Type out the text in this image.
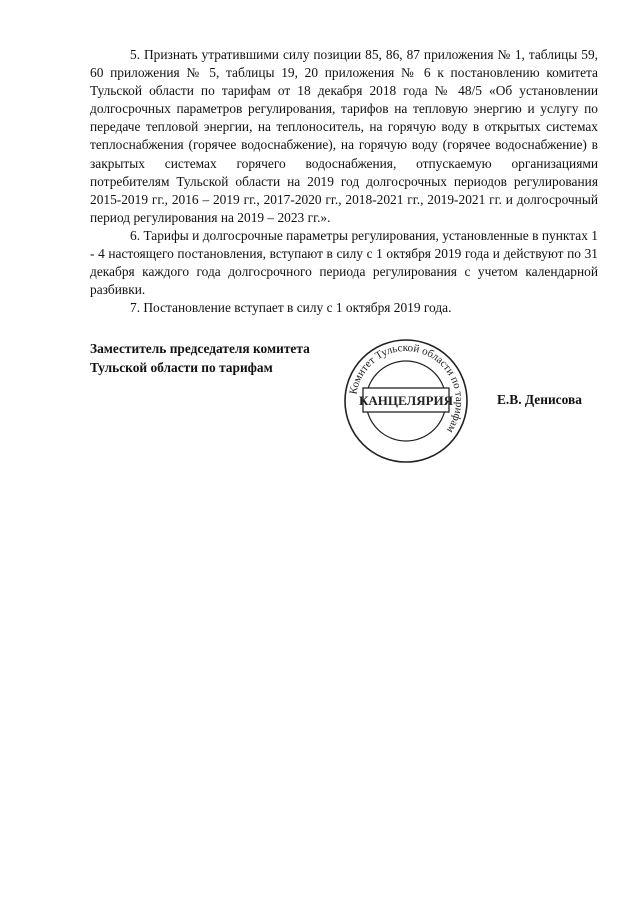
5. Признать утратившими силу позиции 85, 86, 87 приложения № 1, таблицы 59, 60 приложения № 5, таблицы 19, 20 приложения № 6 к постановлению комитета Тульской области по тарифам от 18 декабря 2018 года № 48/5 «Об установлении долгосрочных параметров регулирования, тарифов на тепловую энергию и услугу по передаче тепловой энергии, на теплоноситель, на горячую воду в открытых системах теплоснабжения (горячее водоснабжение), на горячую воду (горячее водоснабжение) в закрытых системах горячего водоснабжения, отпускаемую организациями потребителям Тульской области на 2019 год долгосрочных периодов регулирования 2015-2019 гг., 2016 – 2019 гг., 2017-2020 гг., 2018-2021 гг., 2019-2021 гг. и долгосрочный период регулирования на 2019 – 2023 гг.».

6. Тарифы и долгосрочные параметры регулирования, установленные в пунктах 1 - 4 настоящего постановления, вступают в силу с 1 октября 2019 года и действуют по 31 декабря каждого года долгосрочного периода регулирования с учетом календарной разбивки.

7. Постановление вступает в силу с 1 октября 2019 года.

Заместитель председателя комитета
Тульской области по тарифам
Комитет Тульской области по тарифам
КАНЦЕЛЯРИЯ	Е.В. Денисова
